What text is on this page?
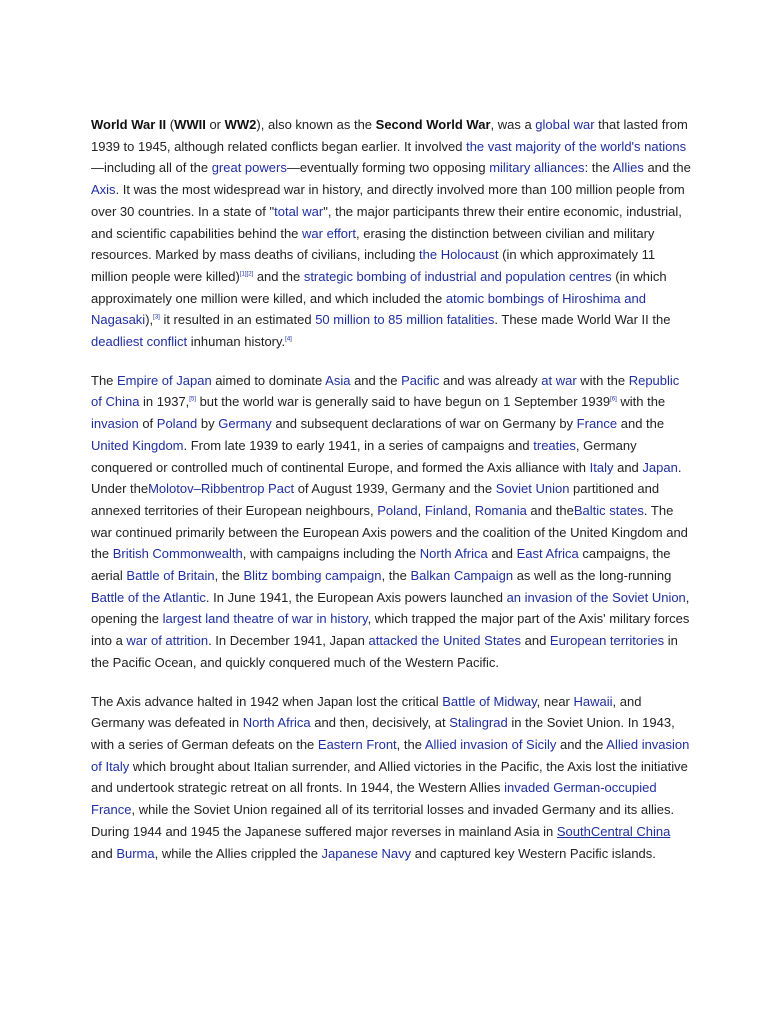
World War II (WWII or WW2), also known as the Second World War, was a global war that lasted from 1939 to 1945, although related conflicts began earlier. It involved the vast majority of the world's nations—including all of the great powers—eventually forming two opposing military alliances: the Allies and the Axis. It was the most widespread war in history, and directly involved more than 100 million people from over 30 countries. In a state of "total war", the major participants threw their entire economic, industrial, and scientific capabilities behind the war effort, erasing the distinction between civilian and military resources. Marked by mass deaths of civilians, including the Holocaust (in which approximately 11 million people were killed)[1][2] and the strategic bombing of industrial and population centres (in which approximately one million were killed, and which included the atomic bombings of Hiroshima and Nagasaki),[3] it resulted in an estimated 50 million to 85 million fatalities. These made World War II the deadliest conflict inhuman history.[4]

The Empire of Japan aimed to dominate Asia and the Pacific and was already at war with the Republic of China in 1937,[5] but the world war is generally said to have begun on 1 September 1939[6] with the invasion of Poland by Germany and subsequent declarations of war on Germany by France and the United Kingdom. From late 1939 to early 1941, in a series of campaigns and treaties, Germany conquered or controlled much of continental Europe, and formed the Axis alliance with Italy and Japan. Under theMolotov–Ribbentrop Pact of August 1939, Germany and the Soviet Union partitioned and annexed territories of their European neighbours, Poland, Finland, Romania and theBaltic states. The war continued primarily between the European Axis powers and the coalition of the United Kingdom and the British Commonwealth, with campaigns including the North Africa and East Africa campaigns, the aerial Battle of Britain, the Blitz bombing campaign, the Balkan Campaign as well as the long-running Battle of the Atlantic. In June 1941, the European Axis powers launched an invasion of the Soviet Union, opening the largest land theatre of war in history, which trapped the major part of the Axis' military forces into a war of attrition. In December 1941, Japan attacked the United States and European territories in the Pacific Ocean, and quickly conquered much of the Western Pacific.

The Axis advance halted in 1942 when Japan lost the critical Battle of Midway, near Hawaii, and Germany was defeated in North Africa and then, decisively, at Stalingrad in the Soviet Union. In 1943, with a series of German defeats on the Eastern Front, the Allied invasion of Sicily and the Allied invasion of Italy which brought about Italian surrender, and Allied victories in the Pacific, the Axis lost the initiative and undertook strategic retreat on all fronts. In 1944, the Western Allies invaded German-occupied France, while the Soviet Union regained all of its territorial losses and invaded Germany and its allies. During 1944 and 1945 the Japanese suffered major reverses in mainland Asia in SouthCentral China and Burma, while the Allies crippled the Japanese Navy and captured key Western Pacific islands.
